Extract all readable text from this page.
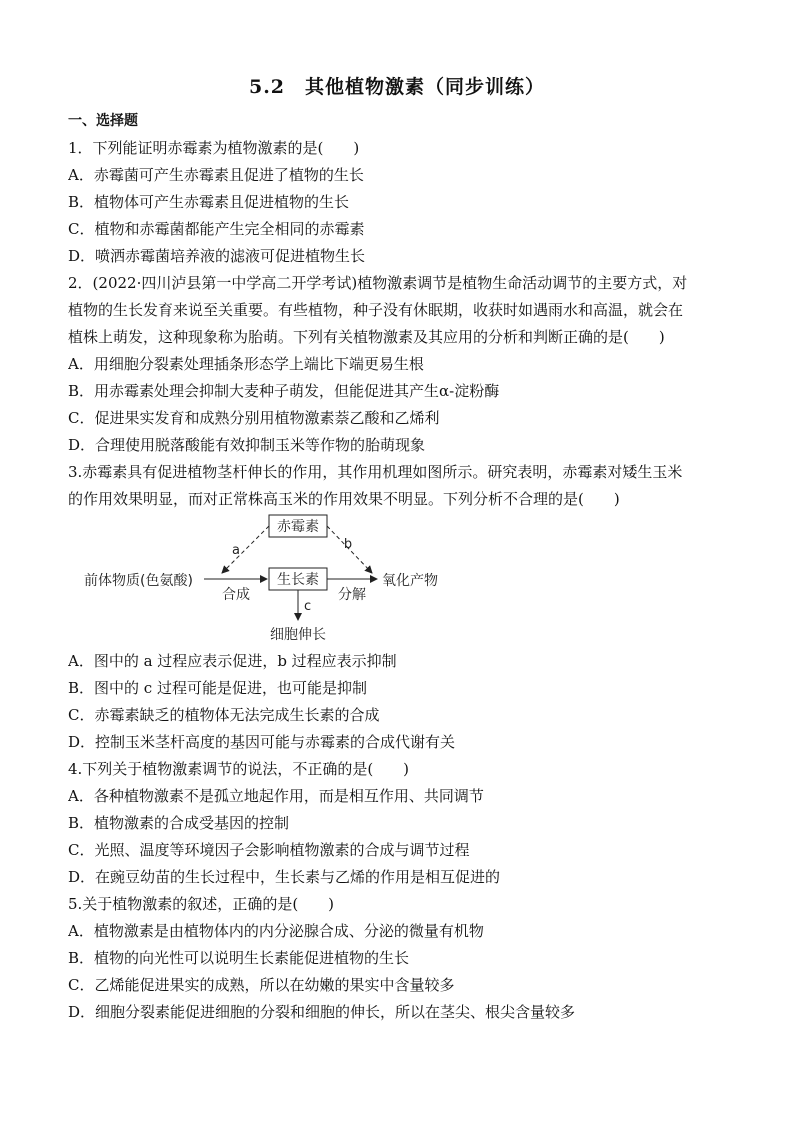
5.2　其他植物激素（同步训练）
一、选择题
1．下列能证明赤霉素为植物激素的是(　　)
A．赤霉菌可产生赤霉素且促进了植物的生长
B．植物体可产生赤霉素且促进植物的生长
C．植物和赤霉菌都能产生完全相同的赤霉素
D．喷洒赤霉菌培养液的滤液可促进植物生长
2．(2022·四川泸县第一中学高二开学考试)植物激素调节是植物生命活动调节的主要方式，对
植物的生长发育来说至关重要。有些植物，种子没有休眠期，收获时如遇雨水和高温，就会在
植株上萌发，这种现象称为胎萌。下列有关植物激素及其应用的分析和判断正确的是(　　)
A．用细胞分裂素处理插条形态学上端比下端更易生根
B．用赤霉素处理会抑制大麦种子萌发，但能促进其产生α-淀粉酶
C．促进果实发育和成熟分别用植物激素萘乙酸和乙烯利
D．合理使用脱落酸能有效抑制玉米等作物的胎萌现象
3.赤霉素具有促进植物茎杆伸长的作用，其作用机理如图所示。研究表明，赤霉素对矮生玉米
的作用效果明显，而对正常株高玉米的作用效果不明显。下列分析不合理的是(　　)
赤霉素
生长素
前体物质(色氨酸)	氧化产物
合成	分解
a	b
c
细胞伸长
A．图中的 a 过程应表示促进，b 过程应表示抑制
B．图中的 c 过程可能是促进，也可能是抑制
C．赤霉素缺乏的植物体无法完成生长素的合成
D．控制玉米茎杆高度的基因可能与赤霉素的合成代谢有关
4.下列关于植物激素调节的说法，不正确的是(　　)
A．各种植物激素不是孤立地起作用，而是相互作用、共同调节
B．植物激素的合成受基因的控制
C．光照、温度等环境因子会影响植物激素的合成与调节过程
D．在豌豆幼苗的生长过程中，生长素与乙烯的作用是相互促进的
5.关于植物激素的叙述，正确的是(　　)
A．植物激素是由植物体内的内分泌腺合成、分泌的微量有机物
B．植物的向光性可以说明生长素能促进植物的生长
C．乙烯能促进果实的成熟，所以在幼嫩的果实中含量较多
D．细胞分裂素能促进细胞的分裂和细胞的伸长，所以在茎尖、根尖含量较多
